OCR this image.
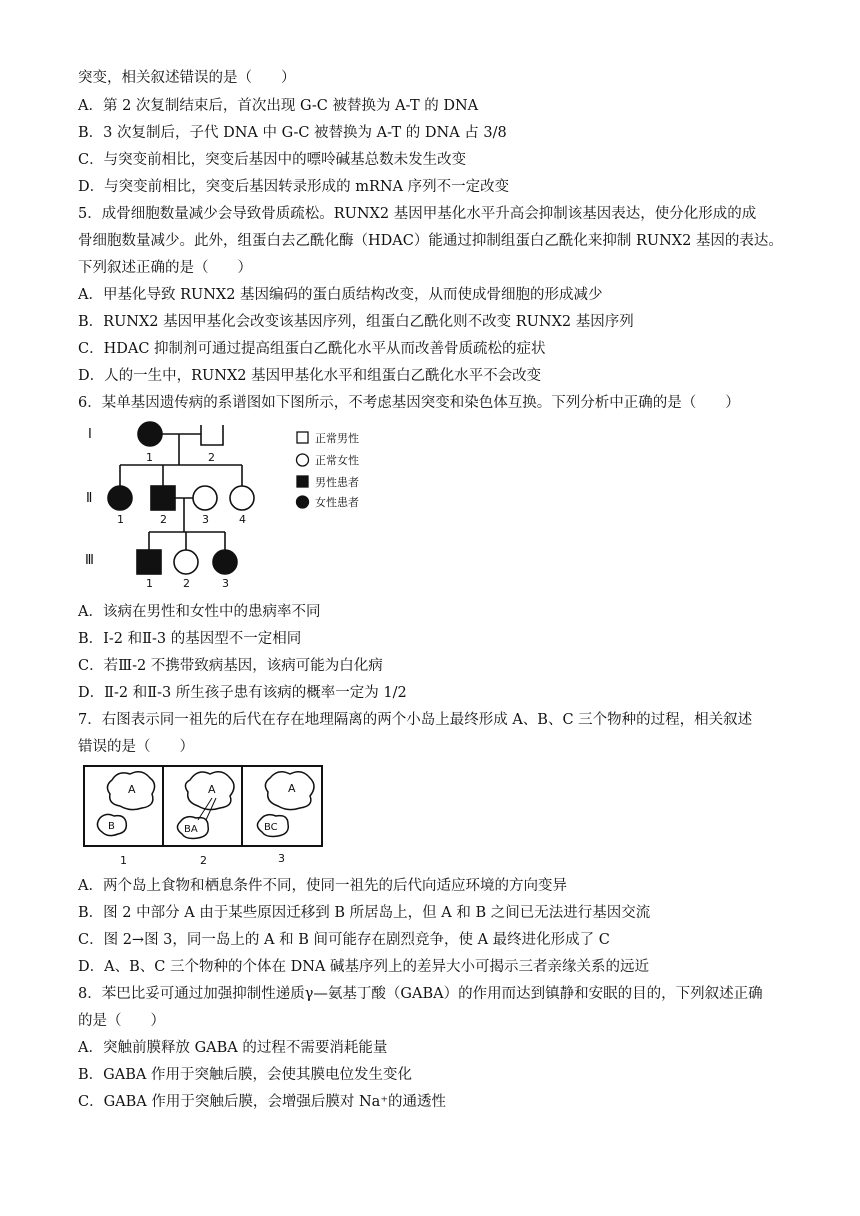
突变，相关叙述错误的是（　　）
A．第 2 次复制结束后，首次出现 G-C 被替换为 A-T 的 DNA
B．3 次复制后，子代 DNA 中 G-C 被替换为 A-T 的 DNA 占 3/8
C．与突变前相比，突变后基因中的嘌呤碱基总数未发生改变
D．与突变前相比，突变后基因转录形成的 mRNA 序列不一定改变
5．成骨细胞数量减少会导致骨质疏松。RUNX2 基因甲基化水平升高会抑制该基因表达，使分化形成的成
骨细胞数量减少。此外，组蛋白去乙酰化酶（HDAC）能通过抑制组蛋白乙酰化来抑制 RUNX2 基因的表达。
下列叙述正确的是（　　）
A．甲基化导致 RUNX2 基因编码的蛋白质结构改变，从而使成骨细胞的形成减少
B．RUNX2 基因甲基化会改变该基因序列，组蛋白乙酰化则不改变 RUNX2 基因序列
C．HDAC 抑制剂可通过提高组蛋白乙酰化水平从而改善骨质疏松的症状
D．人的一生中，RUNX2 基因甲基化水平和组蛋白乙酰化水平不会改变
6．某单基因遗传病的系谱图如下图所示，不考虑基因突变和染色体互换。下列分析中正确的是（　　）
Ⅰ
Ⅱ
Ⅲ
1	2
1	2	3	4
1	2	3
正常男性
正常女性
男性患者
女性患者
A．该病在男性和女性中的患病率不同
B．I-2 和Ⅱ-3 的基因型不一定相同
C．若Ⅲ-2 不携带致病基因，该病可能为白化病
D．Ⅱ-2 和Ⅱ-3 所生孩子患有该病的概率一定为 1/2
7．右图表示同一祖先的后代在存在地理隔离的两个小岛上最终形成 A、B、C 三个物种的过程，相关叙述
错误的是（　　）
A
B
A
BA
A
BC
1	2	3
A．两个岛上食物和栖息条件不同，使同一祖先的后代向适应环境的方向变异
B．图 2 中部分 A 由于某些原因迁移到 B 所居岛上，但 A 和 B 之间已无法进行基因交流
C．图 2→图 3，同一岛上的 A 和 B 间可能存在剧烈竞争，使 A 最终进化形成了 C
D．A、B、C 三个物种的个体在 DNA 碱基序列上的差异大小可揭示三者亲缘关系的远近
8．苯巴比妥可通过加强抑制性递质γ—氨基丁酸（GABA）的作用而达到镇静和安眠的目的，下列叙述正确
的是（　　）
A．突触前膜释放 GABA 的过程不需要消耗能量
B．GABA 作用于突触后膜，会使其膜电位发生变化
C．GABA 作用于突触后膜，会增强后膜对 Na⁺的通透性
